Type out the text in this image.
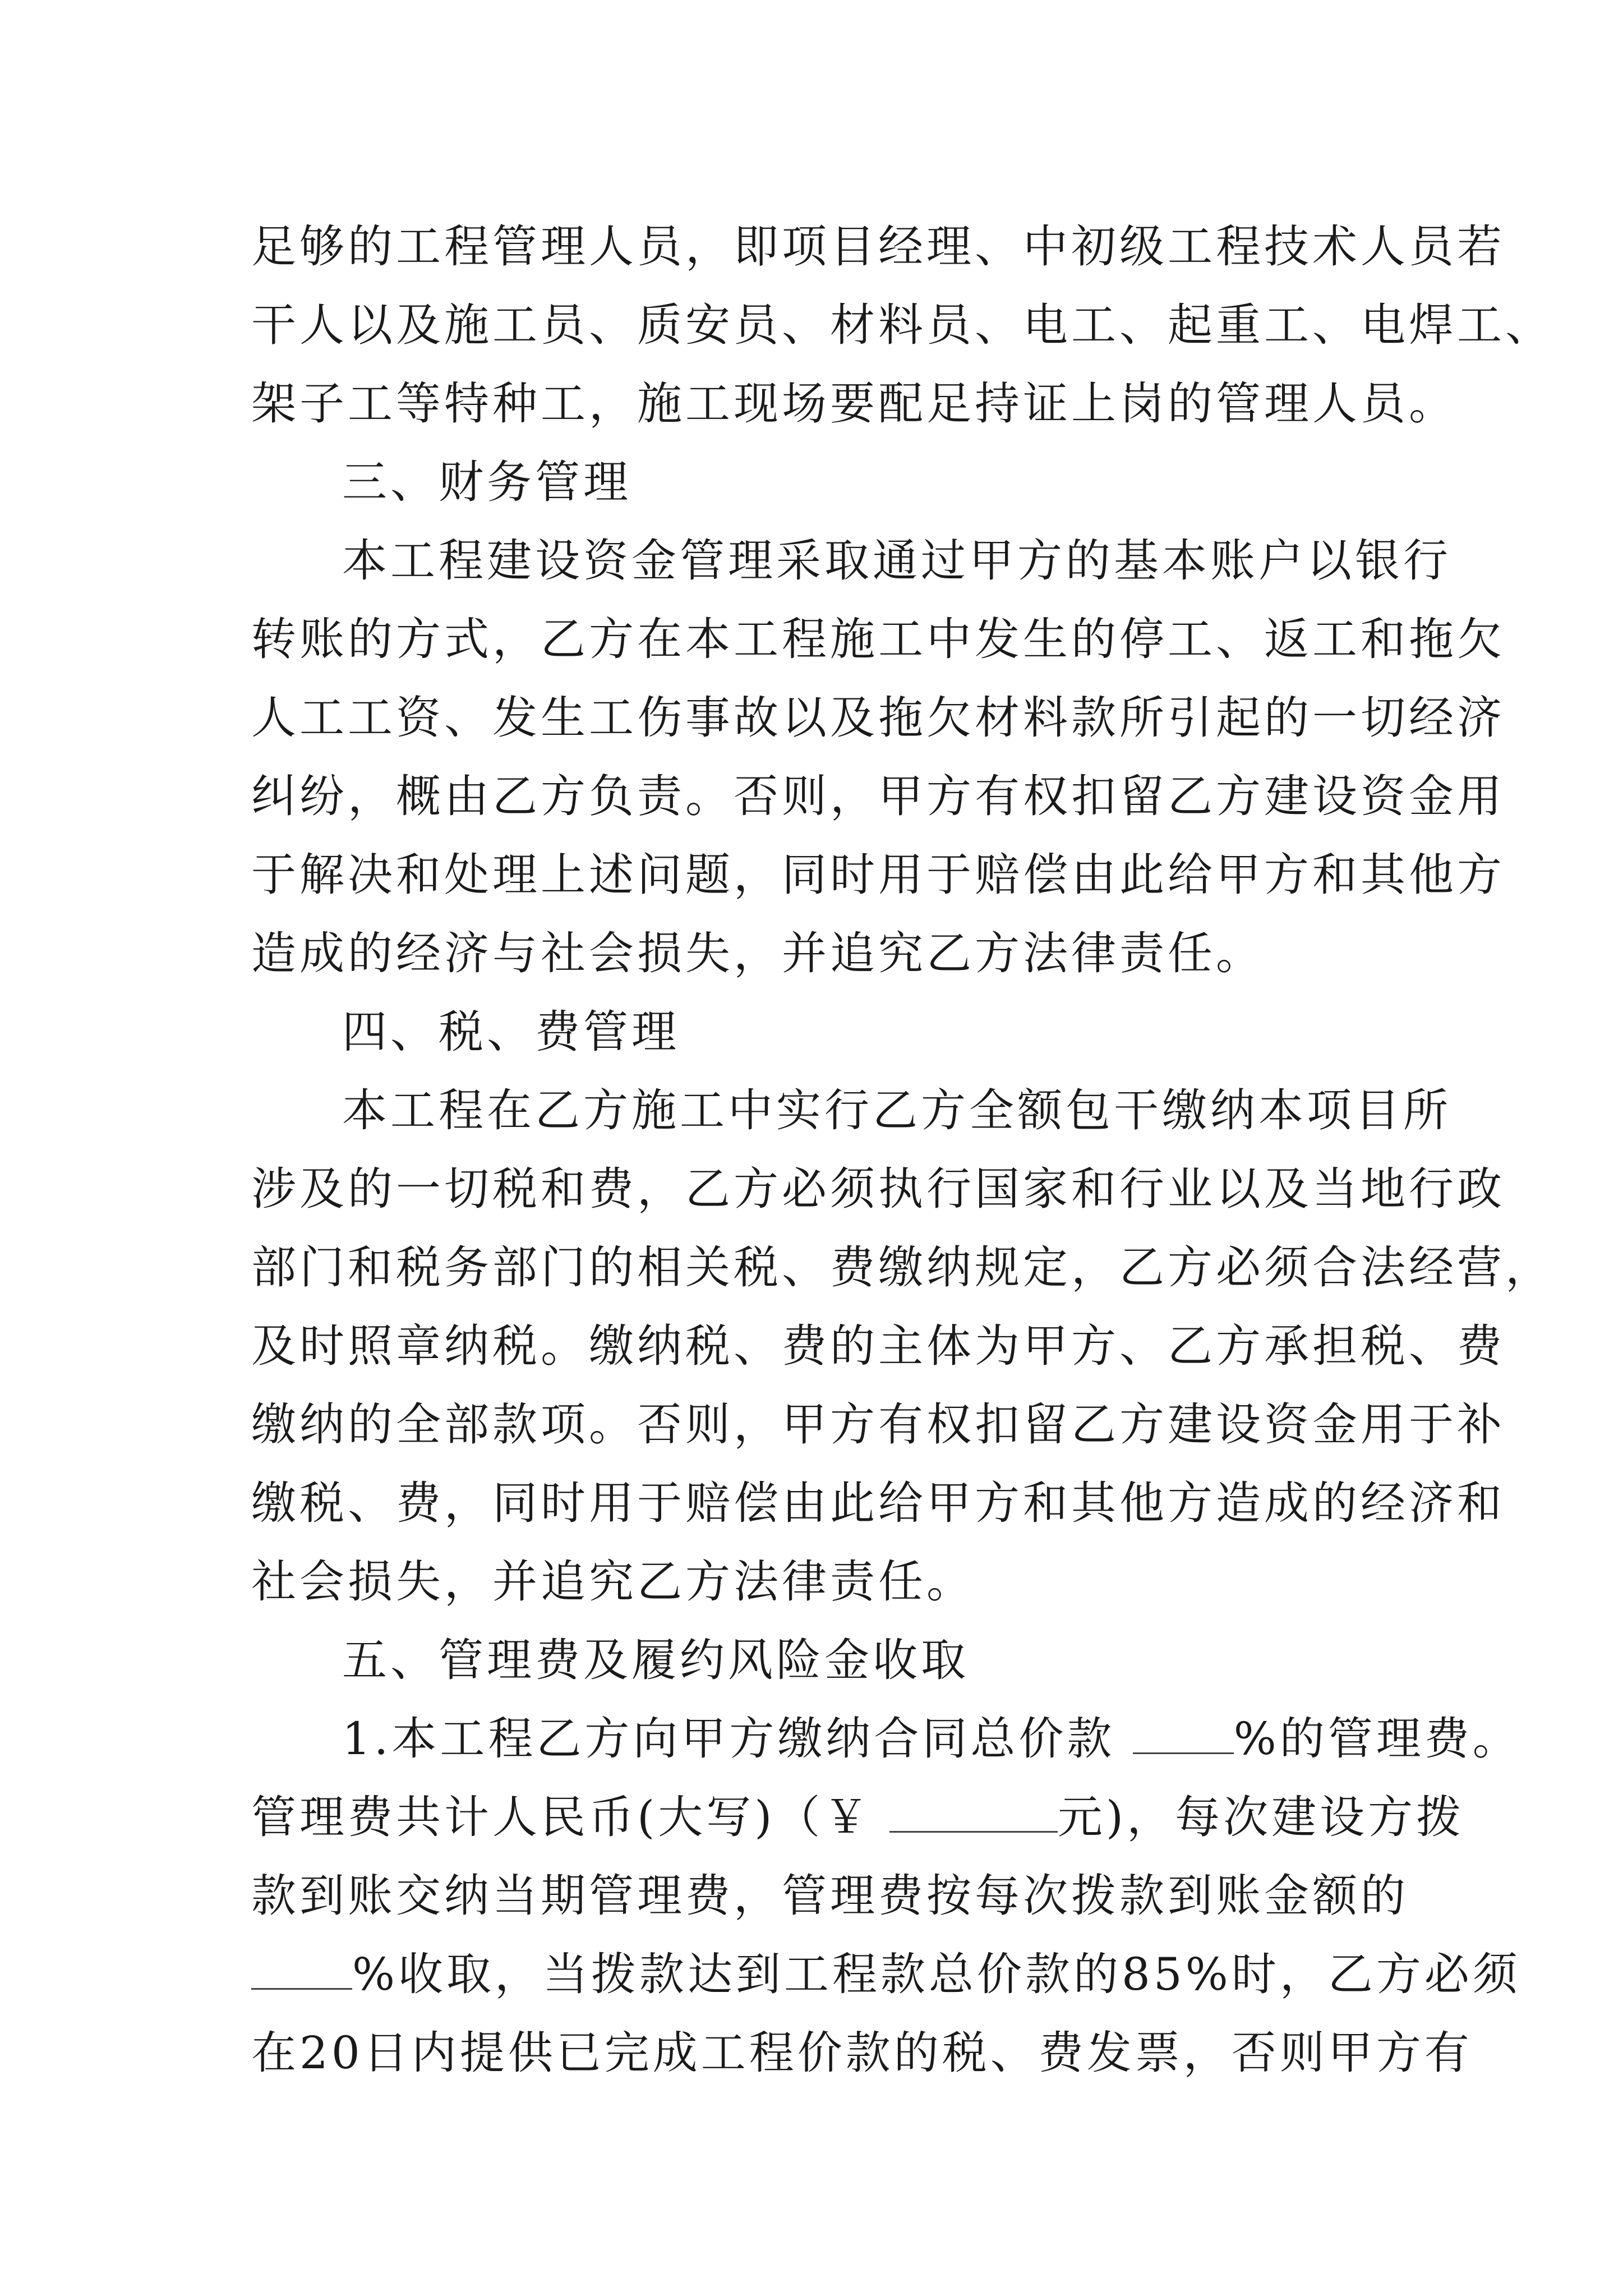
足够的工程管理人员，即项目经理、中初级工程技术人员若
干人以及施工员、质安员、材料员、电工、起重工、电焊工、
架子工等特种工，施工现场要配足持证上岗的管理人员。
三、财务管理
本工程建设资金管理采取通过甲方的基本账户以银行
转账的方式，乙方在本工程施工中发生的停工、返工和拖欠
人工工资、发生工伤事故以及拖欠材料款所引起的一切经济
纠纷，概由乙方负责。否则，甲方有权扣留乙方建设资金用
于解决和处理上述问题，同时用于赔偿由此给甲方和其他方
造成的经济与社会损失，并追究乙方法律责任。
四、税、费管理
本工程在乙方施工中实行乙方全额包干缴纳本项目所
涉及的一切税和费，乙方必须执行国家和行业以及当地行政
部门和税务部门的相关税、费缴纳规定，乙方必须合法经营，
及时照章纳税。缴纳税、费的主体为甲方、乙方承担税、费
缴纳的全部款项。否则，甲方有权扣留乙方建设资金用于补
缴税、费，同时用于赔偿由此给甲方和其他方造成的经济和
社会损失，并追究乙方法律责任。
五、管理费及履约风险金收取
1.本工程乙方向甲方缴纳合同总价款	%的管理费。
管理费共计人民币(大写)（￥	元)，每次建设方拨
款到账交纳当期管理费，管理费按每次拨款到账金额的
%收取，当拨款达到工程款总价款的85%时，乙方必须
在20日内提供已完成工程价款的税、费发票，否则甲方有
